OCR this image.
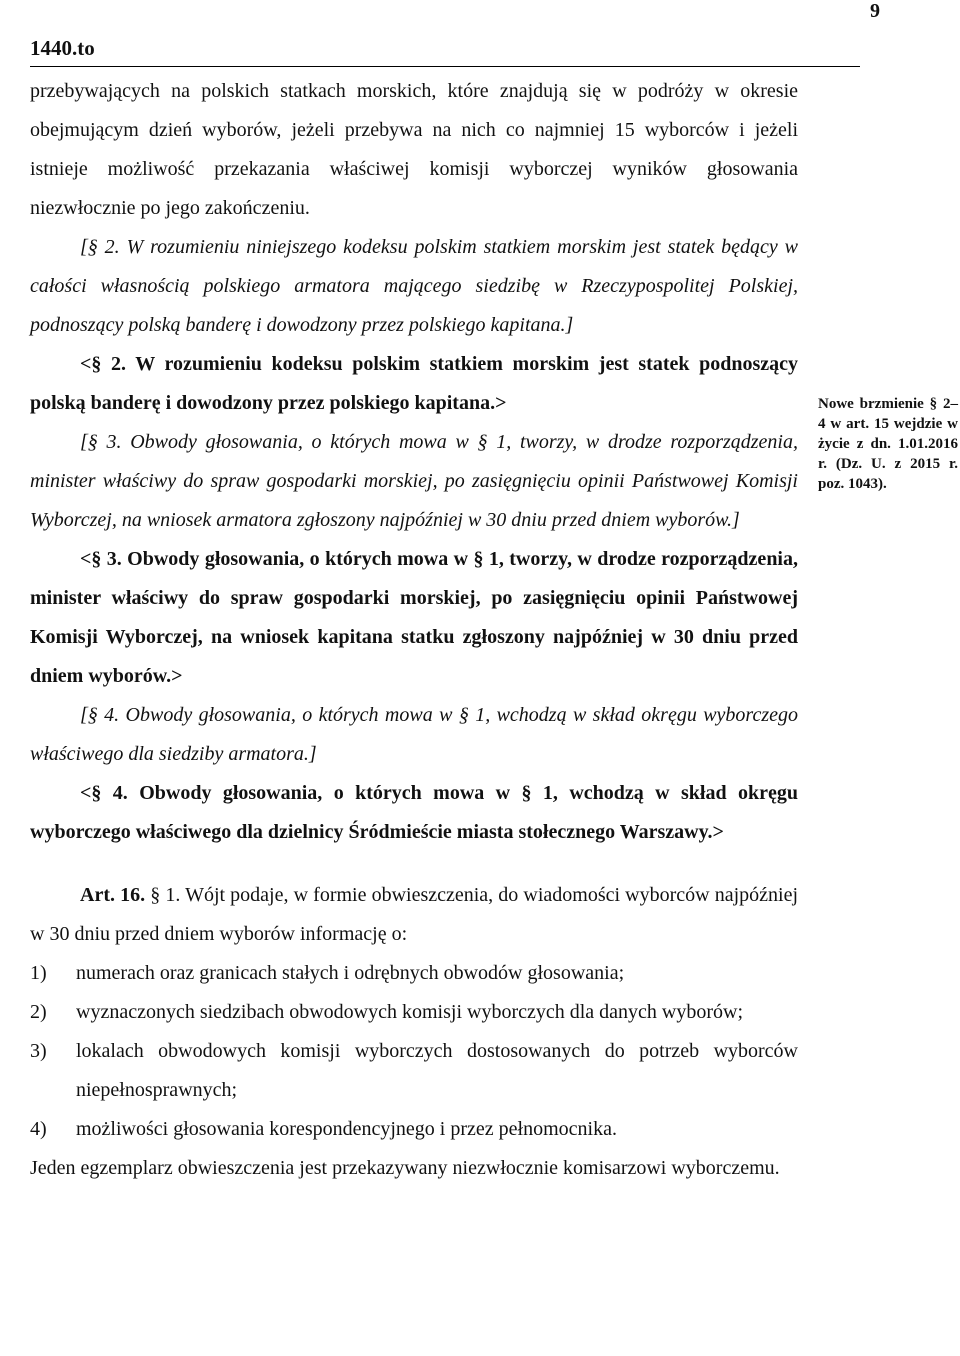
9
1440.to

przebywających na polskich statkach morskich, które znajdują się w podróży w okresie obejmującym dzień wyborów, jeżeli przebywa na nich co najmniej 15 wyborców i jeżeli istnieje możliwość przekazania właściwej komisji wyborczej wyników głosowania niezwłocznie po jego zakończeniu.

[§ 2. W rozumieniu niniejszego kodeksu polskim statkiem morskim jest statek będący w całości własnością polskiego armatora mającego siedzibę w Rzeczypospolitej Polskiej, podnoszący polską banderę i dowodzony przez polskiego kapitana.]

<§ 2. W rozumieniu kodeksu polskim statkiem morskim jest statek podnoszący polską banderę i dowodzony przez polskiego kapitana.>

[§ 3. Obwody głosowania, o których mowa w § 1, tworzy, w drodze rozporządzenia, minister właściwy do spraw gospodarki morskiej, po zasięgnięciu opinii Państwowej Komisji Wyborczej, na wniosek armatora zgłoszony najpóźniej w 30 dniu przed dniem wyborów.]

<§ 3. Obwody głosowania, o których mowa w § 1, tworzy, w drodze rozporządzenia, minister właściwy do spraw gospodarki morskiej, po zasięgnięciu opinii Państwowej Komisji Wyborczej, na wniosek kapitana statku zgłoszony najpóźniej w 30 dniu przed dniem wyborów.>

[§ 4. Obwody głosowania, o których mowa w § 1, wchodzą w skład okręgu wyborczego właściwego dla siedziby armatora.]

<§ 4. Obwody głosowania, o których mowa w § 1, wchodzą w skład okręgu wyborczego właściwego dla dzielnicy Śródmieście miasta stołecznego Warszawy.>

Art. 16. § 1. Wójt podaje, w formie obwieszczenia, do wiadomości wyborców najpóźniej w 30 dniu przed dniem wyborów informację o:

1)	numerach oraz granicach stałych i odrębnych obwodów głosowania;
2)	wyznaczonych siedzibach obwodowych komisji wyborczych dla danych wyborów;
3)	lokalach obwodowych komisji wyborczych dostosowanych do potrzeb wyborców niepełnosprawnych;
4)	możliwości głosowania korespondencyjnego i przez pełnomocnika.

Jeden egzemplarz obwieszczenia jest przekazywany niezwłocznie komisarzowi wyborczemu.

Nowe brzmienie § 2–4 w art. 15 wejdzie w życie z dn. 1.01.2016 r. (Dz. U. z 2015 r. poz. 1043).
